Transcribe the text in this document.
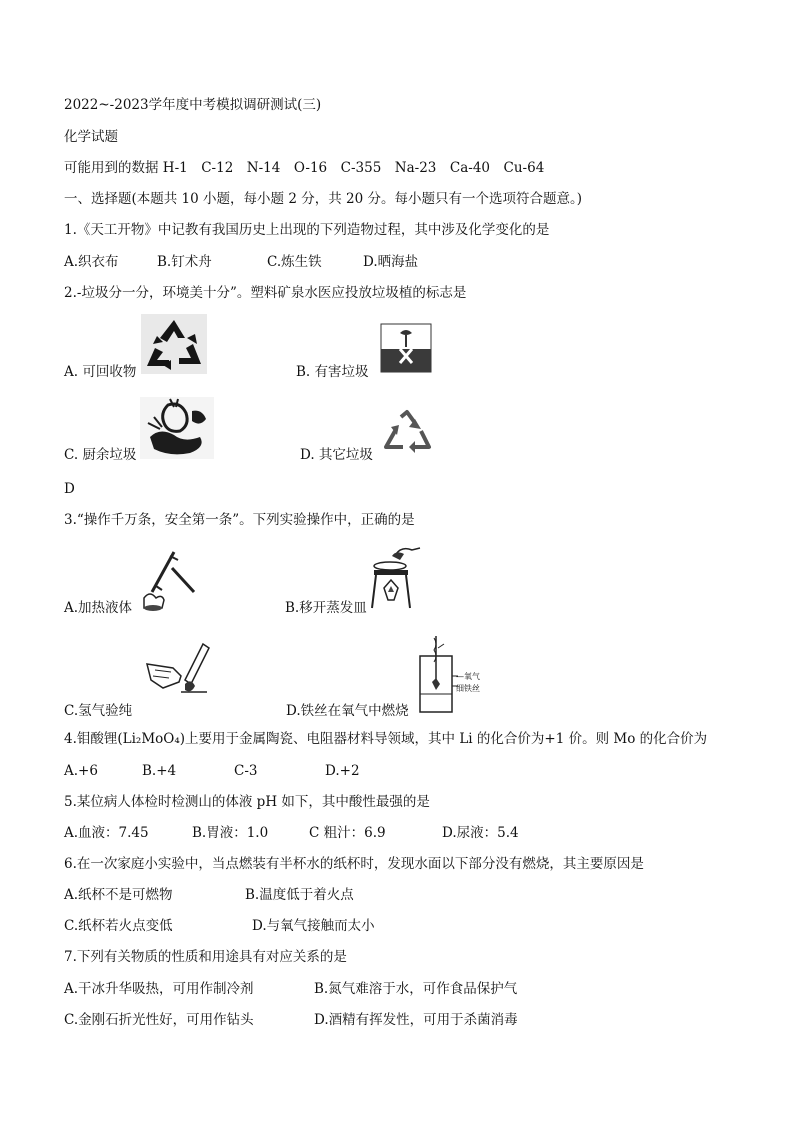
2022~-2023学年度中考模拟调研测试(三)
化学试题
可能用到的数据 H-1　C-12　N-14　O-16　C-355　Na-23　Ca-40　Cu-64
一、选择题(本题共 10 小题，每小题 2 分，共 20 分。每小题只有一个选项符合题意。)
1.《天工开物》中记教有我国历史上出现的下列造物过程，其中涉及化学变化的是
A.织衣布	B.钉术舟	C.炼生铁	D.晒海盐
2.-垃圾分一分，环境美十分”。塑料矿泉水医应投放垃圾植的标志是
A. 可回收物	B. 有害垃圾
C. 厨余垃圾	D. 其它垃圾
D
3.“操作千万条，安全第一条”。下列实验操作中，正确的是
A.加热液体	B.移开蒸发皿
C.氢气验纯
—氧气
细铁丝
D.铁丝在氧气中燃烧
4.钼酸锂(Li₂MoO₄)上要用于金属陶瓷、电阻器材料导领域，其中 Li 的化合价为+1 价。则 Mo 的化合价为
A.+6	B.+4	C-3	D.+2
5.某位病人体检时检测山的体液 pH 如下，其中酸性最强的是
A.血液：7.45	B.胃液：1.0	C 粗汁：6.9	D.尿液：5.4
6.在一次家庭小实验中，当点燃装有半杯水的纸杯时，发现水面以下部分没有燃烧，其主要原因是
A.纸杯不是可燃物	B.温度低于着火点
C.纸杯若火点变低	D.与氧气接触而太小
7.下列有关物质的性质和用途具有对应关系的是
A.干冰升华吸热，可用作制冷剂	B.氮气难溶于水，可作食品保护气
C.金刚石折光性好，可用作钻头	D.酒精有挥发性，可用于杀菌消毒
